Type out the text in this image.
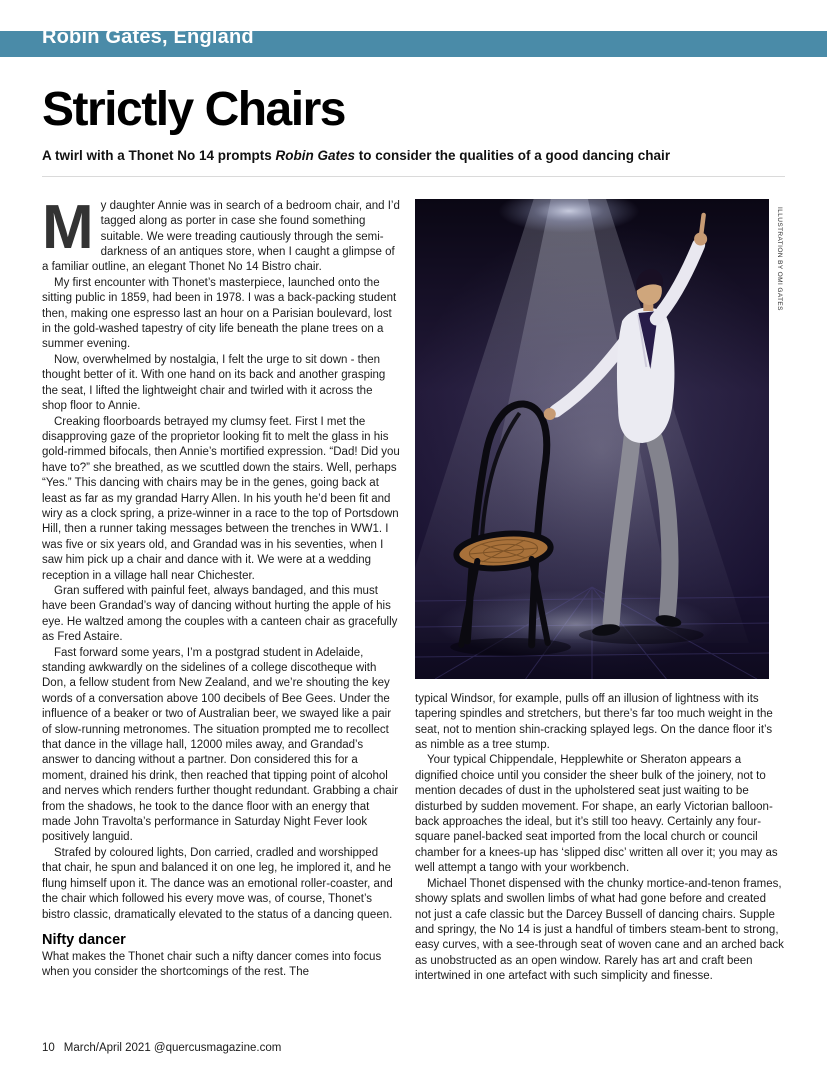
Robin Gates, England
Strictly Chairs

A twirl with a Thonet No 14 prompts Robin Gates to consider the qualities of a good dancing chair

My daughter Annie was in search of a bedroom chair, and I’d tagged along as porter in case she found something suitable. We were treading cautiously through the semi-darkness of an antiques store, when I caught a glimpse of a familiar outline, an elegant Thonet No 14 Bistro chair.

My first encounter with Thonet’s masterpiece, launched onto the sitting public in 1859, had been in 1978. I was a back-packing student then, making one espresso last an hour on a Parisian boulevard, lost in the gold-washed tapestry of city life beneath the plane trees on a summer evening.

Now, overwhelmed by nostalgia, I felt the urge to sit down - then thought better of it. With one hand on its back and another grasping the seat, I lifted the lightweight chair and twirled with it across the shop floor to Annie.

Creaking floorboards betrayed my clumsy feet. First I met the disapproving gaze of the proprietor looking fit to melt the glass in his gold-rimmed bifocals, then Annie’s mortified expression. “Dad! Did you have to?” she breathed, as we scuttled down the stairs. Well, perhaps “Yes.” This dancing with chairs may be in the genes, going back at least as far as my grandad Harry Allen. In his youth he’d been fit and wiry as a clock spring, a prize-winner in a race to the top of Portsdown Hill, then a runner taking messages between the trenches in WW1. I was five or six years old, and Grandad was in his seventies, when I saw him pick up a chair and dance with it. We were at a wedding reception in a village hall near Chichester.

Gran suffered with painful feet, always bandaged, and this must have been Grandad’s way of dancing without hurting the apple of his eye. He waltzed among the couples with a canteen chair as gracefully as Fred Astaire.

Fast forward some years, I’m a postgrad student in Adelaide, standing awkwardly on the sidelines of a college discotheque with Don, a fellow student from New Zealand, and we’re shouting the key words of a conversation above 100 decibels of Bee Gees. Under the influence of a beaker or two of Australian beer, we swayed like a pair of slow-running metronomes. The situation prompted me to recollect that dance in the village hall, 12000 miles away, and Grandad’s answer to dancing without a partner. Don considered this for a moment, drained his drink, then reached that tipping point of alcohol and nerves which renders further thought redundant. Grabbing a chair from the shadows, he took to the dance floor with an energy that made John Travolta’s performance in Saturday Night Fever look positively languid.

Strafed by coloured lights, Don carried, cradled and worshipped that chair, he spun and balanced it on one leg, he implored it, and he flung himself upon it. The dance was an emotional roller-coaster, and the chair which followed his every move was, of course, Thonet’s bistro classic, dramatically elevated to the status of a dancing queen.

Nifty dancer

What makes the Thonet chair such a nifty dancer comes into focus when you consider the shortcomings of the rest. The

ILLUSTRATION BY OMI GATES

typical Windsor, for example, pulls off an illusion of lightness with its tapering spindles and stretchers, but there’s far too much weight in the seat, not to mention shin-cracking splayed legs. On the dance floor it’s as nimble as a tree stump.

Your typical Chippendale, Hepplewhite or Sheraton appears a dignified choice until you consider the sheer bulk of the joinery, not to mention decades of dust in the upholstered seat just waiting to be disturbed by sudden movement. For shape, an early Victorian balloon-back approaches the ideal, but it’s still too heavy. Certainly any four-square panel-backed seat imported from the local church or council chamber for a knees-up has ‘slipped disc’ written all over it; you may as well attempt a tango with your workbench.

Michael Thonet dispensed with the chunky mortice-and-tenon frames, showy splats and swollen limbs of what had gone before and created not just a cafe classic but the Darcey Bussell of dancing chairs. Supple and springy, the No 14 is just a handful of timbers steam-bent to strong, easy curves, with a see-through seat of woven cane and an arched back as unobstructed as an open window. Rarely has art and craft been intertwined in one artefact with such simplicity and finesse.

10 March/April 2021 @quercusmagazine.com
